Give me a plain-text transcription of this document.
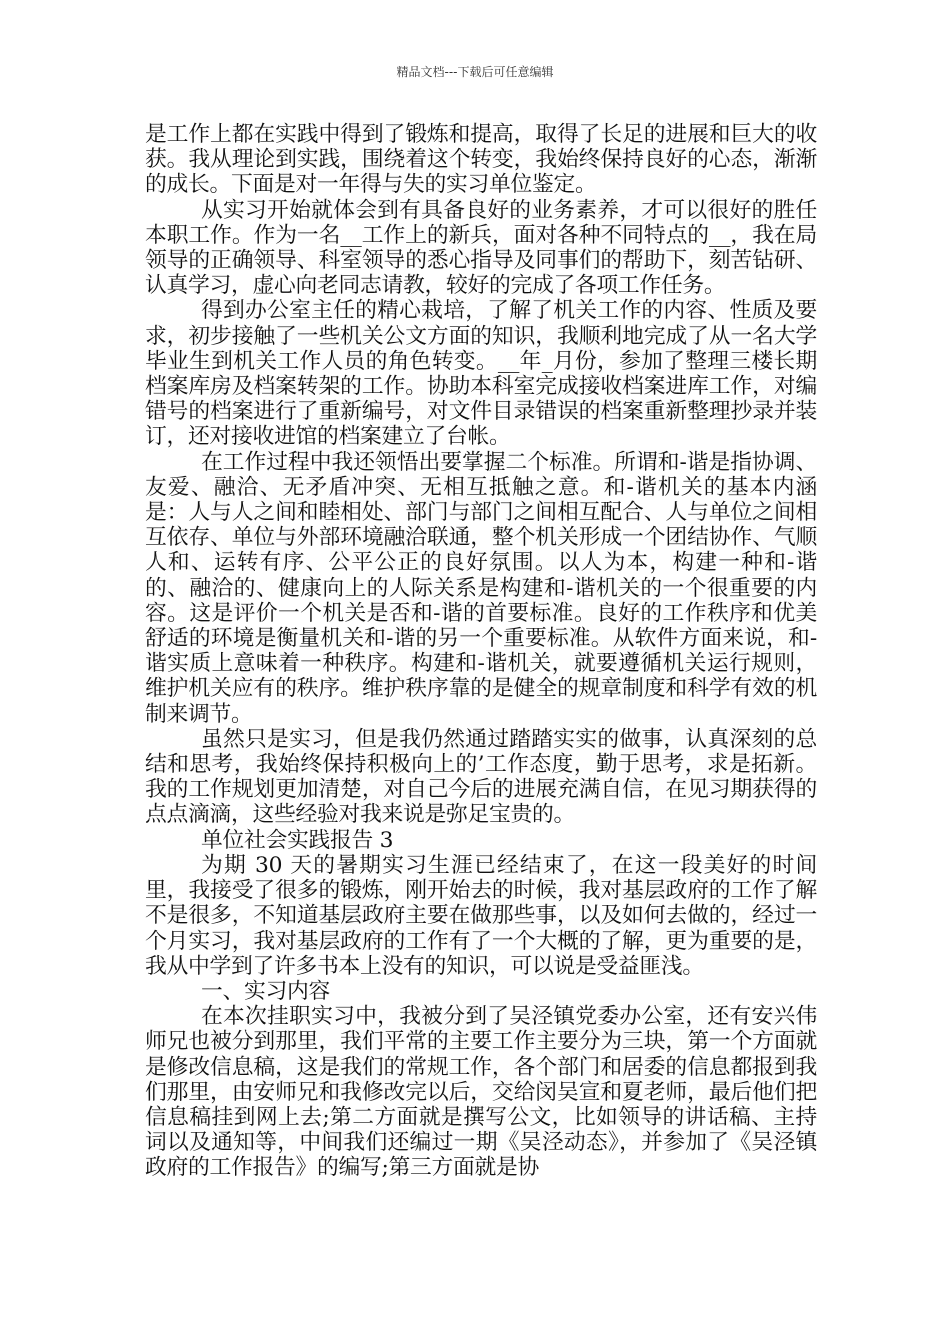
精品文档---下载后可任意编辑

是工作上都在实践中得到了锻炼和提高，取得了长足的进展和巨大的收获。我从理论到实践，围绕着这个转变，我始终保持良好的心态，渐渐的成长。下面是对一年得与失的实习单位鉴定。

从实习开始就体会到有具备良好的业务素养，才可以很好的胜任本职工作。作为一名__工作上的新兵，面对各种不同特点的__，我在局领导的正确领导、科室领导的悉心指导及同事们的帮助下，刻苦钻研、认真学习，虚心向老同志请教，较好的完成了各项工作任务。

得到办公室主任的精心栽培，了解了机关工作的内容、性质及要求，初步接触了一些机关公文方面的知识，我顺利地完成了从一名大学毕业生到机关工作人员的角色转变。__年_月份，参加了整理三楼长期档案库房及档案转架的工作。协助本科室完成接收档案进库工作，对编错号的档案进行了重新编号，对文件目录错误的档案重新整理抄录并装订，还对接收进馆的档案建立了台帐。

在工作过程中我还领悟出要掌握二个标准。所谓和-谐是指协调、友爱、融洽、无矛盾冲突、无相互抵触之意。和-谐机关的基本内涵是：人与人之间和睦相处、部门与部门之间相互配合、人与单位之间相互依存、单位与外部环境融洽联通，整个机关形成一个团结协作、气顺人和、运转有序、公平公正的良好氛围。以人为本，构建一种和-谐的、融洽的、健康向上的人际关系是构建和-谐机关的一个很重要的内容。这是评价一个机关是否和-谐的首要标准。良好的工作秩序和优美舒适的环境是衡量机关和-谐的另一个重要标准。从软件方面来说，和-谐实质上意味着一种秩序。构建和-谐机关，就要遵循机关运行规则，维护机关应有的秩序。维护秩序靠的是健全的规章制度和科学有效的机制来调节。

虽然只是实习，但是我仍然通过踏踏实实的做事，认真深刻的总结和思考，我始终保持积极向上的’工作态度，勤于思考，求是拓新。我的工作规划更加清楚，对自己今后的进展充满自信，在见习期获得的点点滴滴，这些经验对我来说是弥足宝贵的。

单位社会实践报告 3

为期 30 天的暑期实习生涯已经结束了，在这一段美好的时间里，我接受了很多的锻炼，刚开始去的时候，我对基层政府的工作了解不是很多，不知道基层政府主要在做那些事，以及如何去做的，经过一个月实习，我对基层政府的工作有了一个大概的了解，更为重要的是，我从中学到了许多书本上没有的知识，可以说是受益匪浅。

一、实习内容

在本次挂职实习中，我被分到了吴泾镇党委办公室，还有安兴伟师兄也被分到那里，我们平常的主要工作主要分为三块，第一个方面就是修改信息稿，这是我们的常规工作，各个部门和居委的信息都报到我们那里，由安师兄和我修改完以后，交给闵吴宣和夏老师，最后他们把信息稿挂到网上去;第二方面就是撰写公文，比如领导的讲话稿、主持词以及通知等，中间我们还编过一期《吴泾动态》，并参加了《吴泾镇政府的工作报告》的编写;第三方面就是协
